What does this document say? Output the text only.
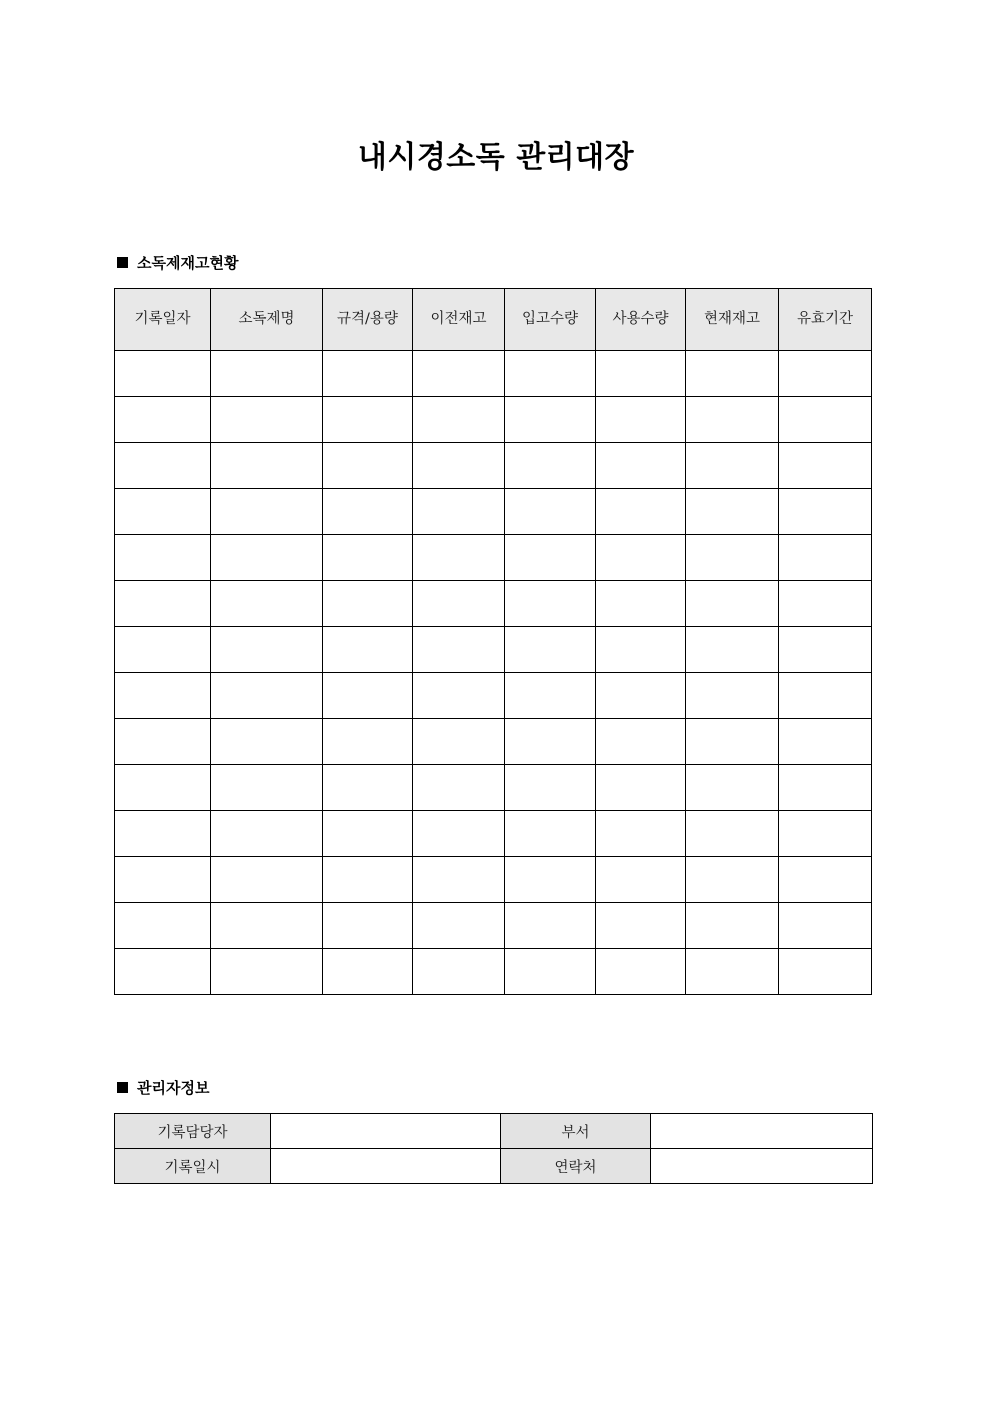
내시경소독 관리대장
소독제재고현황
기록일자	소독제명	규격/용량	이전재고	입고수량	사용수량	현재재고	유효기간

관리자정보
기록담당자		부서	
기록일시		연락처	
